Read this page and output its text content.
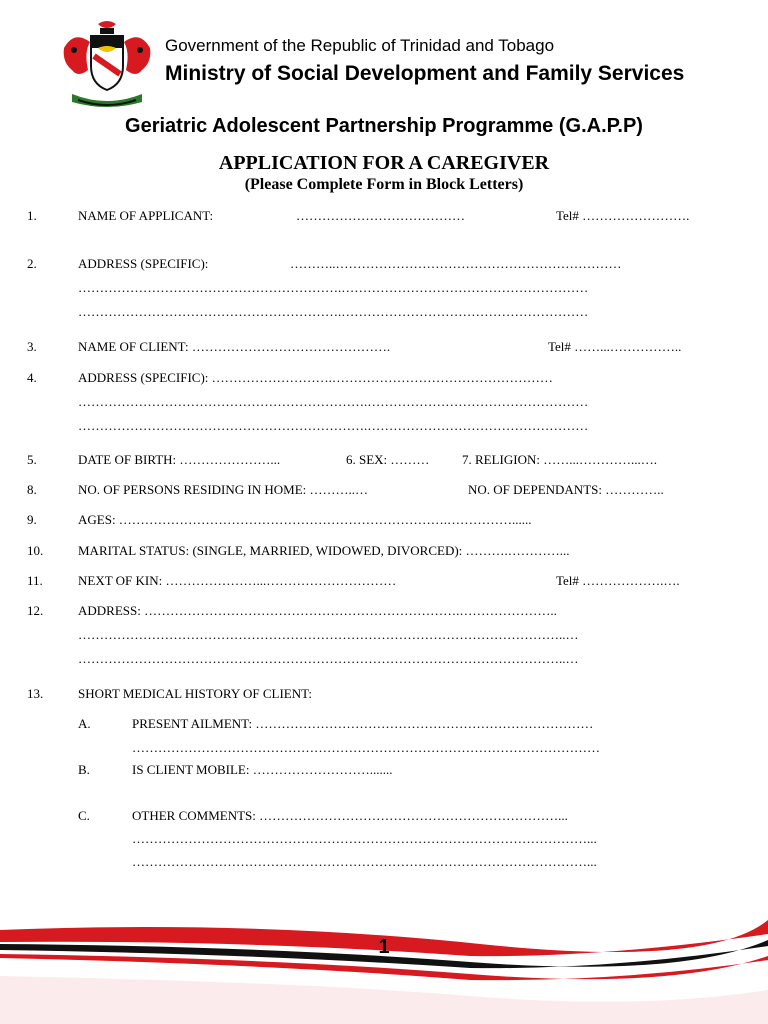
Government of the Republic of Trinidad and Tobago
Ministry of Social Development and Family Services
Geriatric Adolescent Partnership Programme (G.A.P.P)
APPLICATION FOR A CAREGIVER
(Please Complete Form in Block Letters)
1.	NAME OF APPLICANT:	…………………………………	Tel# …………………….
2.	ADDRESS (SPECIFIC):	………..…………………………………………………………
…………………………………………………….…………………………………………………
…………………………………………………….…………………………………………………
3.	NAME OF CLIENT: ……………………………………….	Tel# ……...……………..
4.	ADDRESS (SPECIFIC): ……………………….……………………………………………
………………………………………………………….……………………………………………
………………………………………………………….……………………………………………
5.	DATE OF BIRTH: …………………...	6. SEX: ………	7. RELIGION: ……...…………...….
8.	NO. OF PERSONS RESIDING IN HOME: ………..…	NO. OF DEPENDANTS: …………..
9.	AGES: ………………………………………………………………….……………......
10.	MARITAL STATUS: (SINGLE, MARRIED, WIDOWED, DIVORCED): ……….…………...
11.	NEXT OF KIN: …………………...…………………………	Tel# ……………….….
12.	ADDRESS: ……………………………………………………………….…………………..
…………………………………………………………………………………………………..…
…………………………………………………………………………………………………..…
13.	SHORT MEDICAL HISTORY OF CLIENT:
A.	PRESENT AILMENT: ……………………………………………………………………
………………………………………………………………………………………………
B.	IS CLIENT MOBILE: ……………………….......
C.	OTHER COMMENTS: ……………………………………………………………...
……………………………………………………………………………………………...
……………………………………………………………………………………………...
1
